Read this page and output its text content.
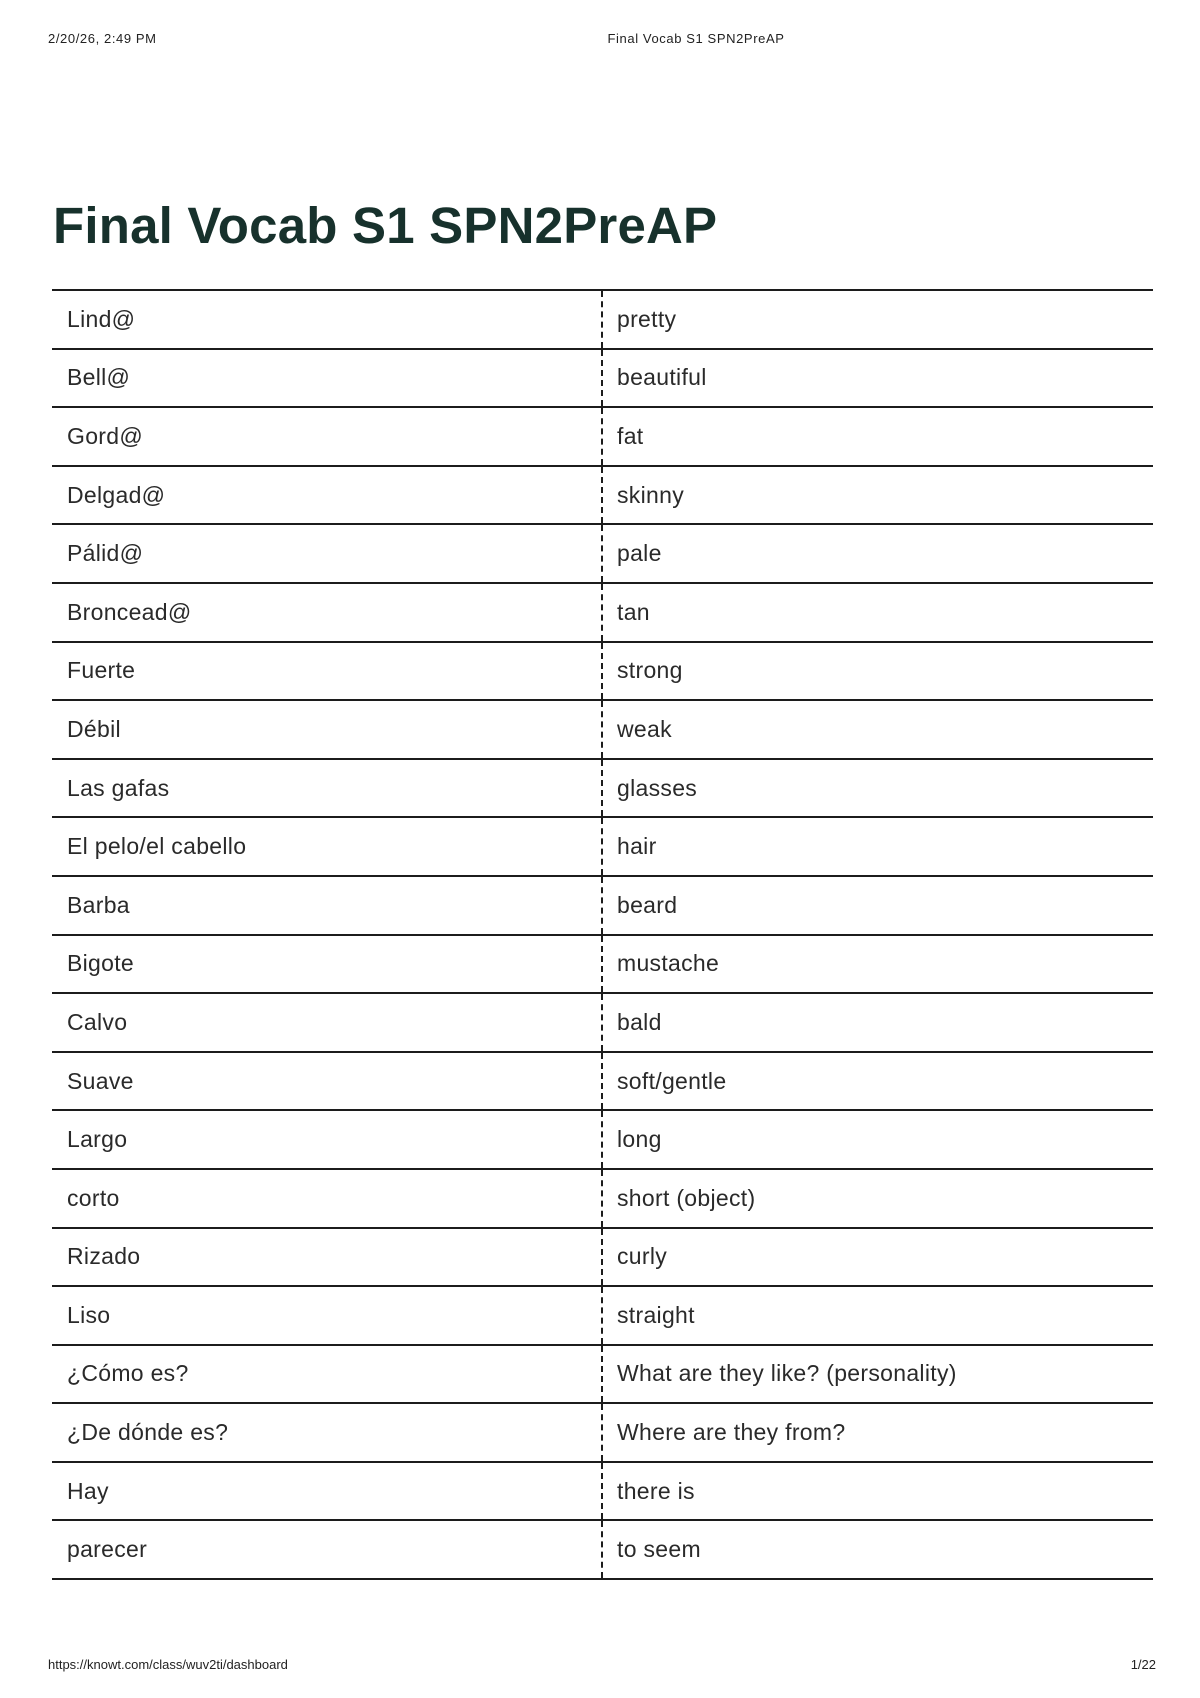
2/20/26, 2:49 PM	Final Vocab S1 SPN2PreAP
Final Vocab S1 SPN2PreAP
Lind@	pretty
Bell@	beautiful
Gord@	fat
Delgad@	skinny
Pálid@	pale
Broncead@	tan
Fuerte	strong
Débil	weak
Las gafas	glasses
El pelo/el cabello	hair
Barba	beard
Bigote	mustache
Calvo	bald
Suave	soft/gentle
Largo	long
corto	short (object)
Rizado	curly
Liso	straight
¿Cómo es?	What are they like? (personality)
¿De dónde es?	Where are they from?
Hay	there is
parecer	to seem
https://knowt.com/class/wuv2ti/dashboard	1/22
